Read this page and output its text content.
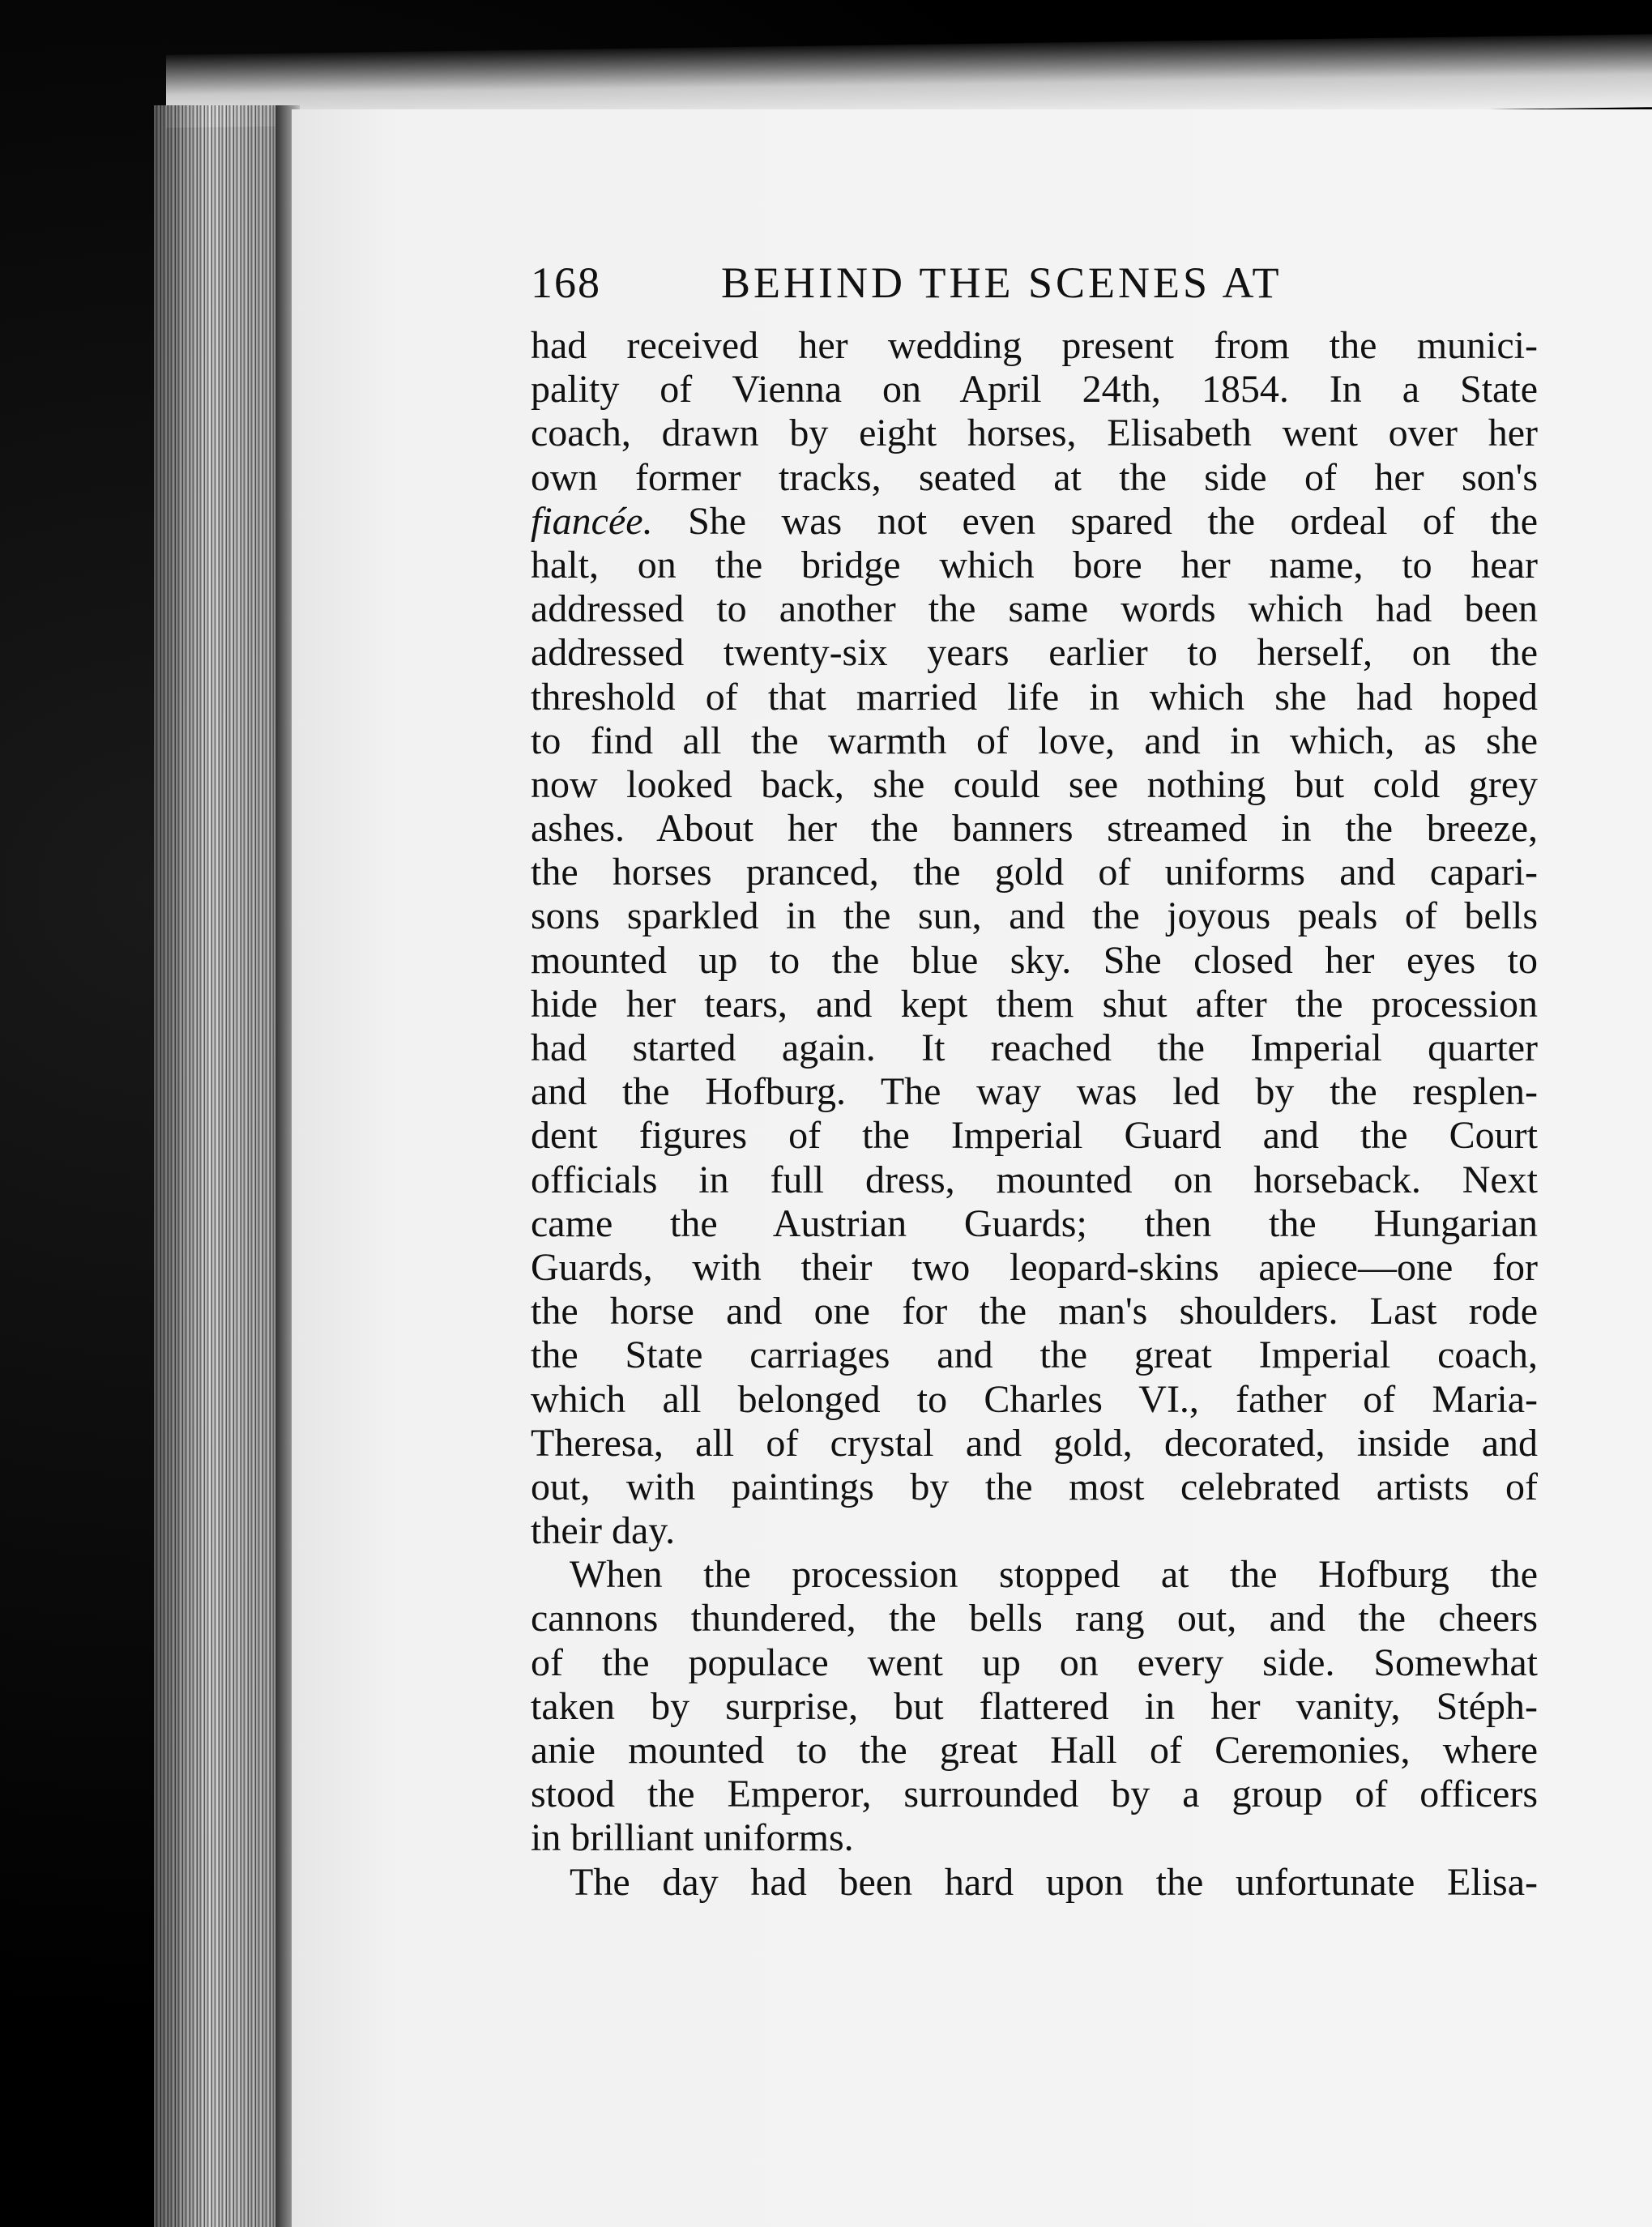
168	BEHIND THE SCENES AT
had received her wedding present from the munici-
pality of Vienna on April 24th, 1854. In a State
coach, drawn by eight horses, Elisabeth went over her
own former tracks, seated at the side of her son's
fiancée. She was not even spared the ordeal of the
halt, on the bridge which bore her name, to hear
addressed to another the same words which had been
addressed twenty-six years earlier to herself, on the
threshold of that married life in which she had hoped
to find all the warmth of love, and in which, as she
now looked back, she could see nothing but cold grey
ashes. About her the banners streamed in the breeze,
the horses pranced, the gold of uniforms and capari-
sons sparkled in the sun, and the joyous peals of bells
mounted up to the blue sky. She closed her eyes to
hide her tears, and kept them shut after the procession
had started again. It reached the Imperial quarter
and the Hofburg. The way was led by the resplen-
dent figures of the Imperial Guard and the Court
officials in full dress, mounted on horseback. Next
came the Austrian Guards; then the Hungarian
Guards, with their two leopard-skins apiece—one for
the horse and one for the man's shoulders. Last rode
the State carriages and the great Imperial coach,
which all belonged to Charles VI., father of Maria-
Theresa, all of crystal and gold, decorated, inside and
out, with paintings by the most celebrated artists of
their day.
When the procession stopped at the Hofburg the
cannons thundered, the bells rang out, and the cheers
of the populace went up on every side. Somewhat
taken by surprise, but flattered in her vanity, Stéph-
anie mounted to the great Hall of Ceremonies, where
stood the Emperor, surrounded by a group of officers
in brilliant uniforms.
The day had been hard upon the unfortunate Elisa-
